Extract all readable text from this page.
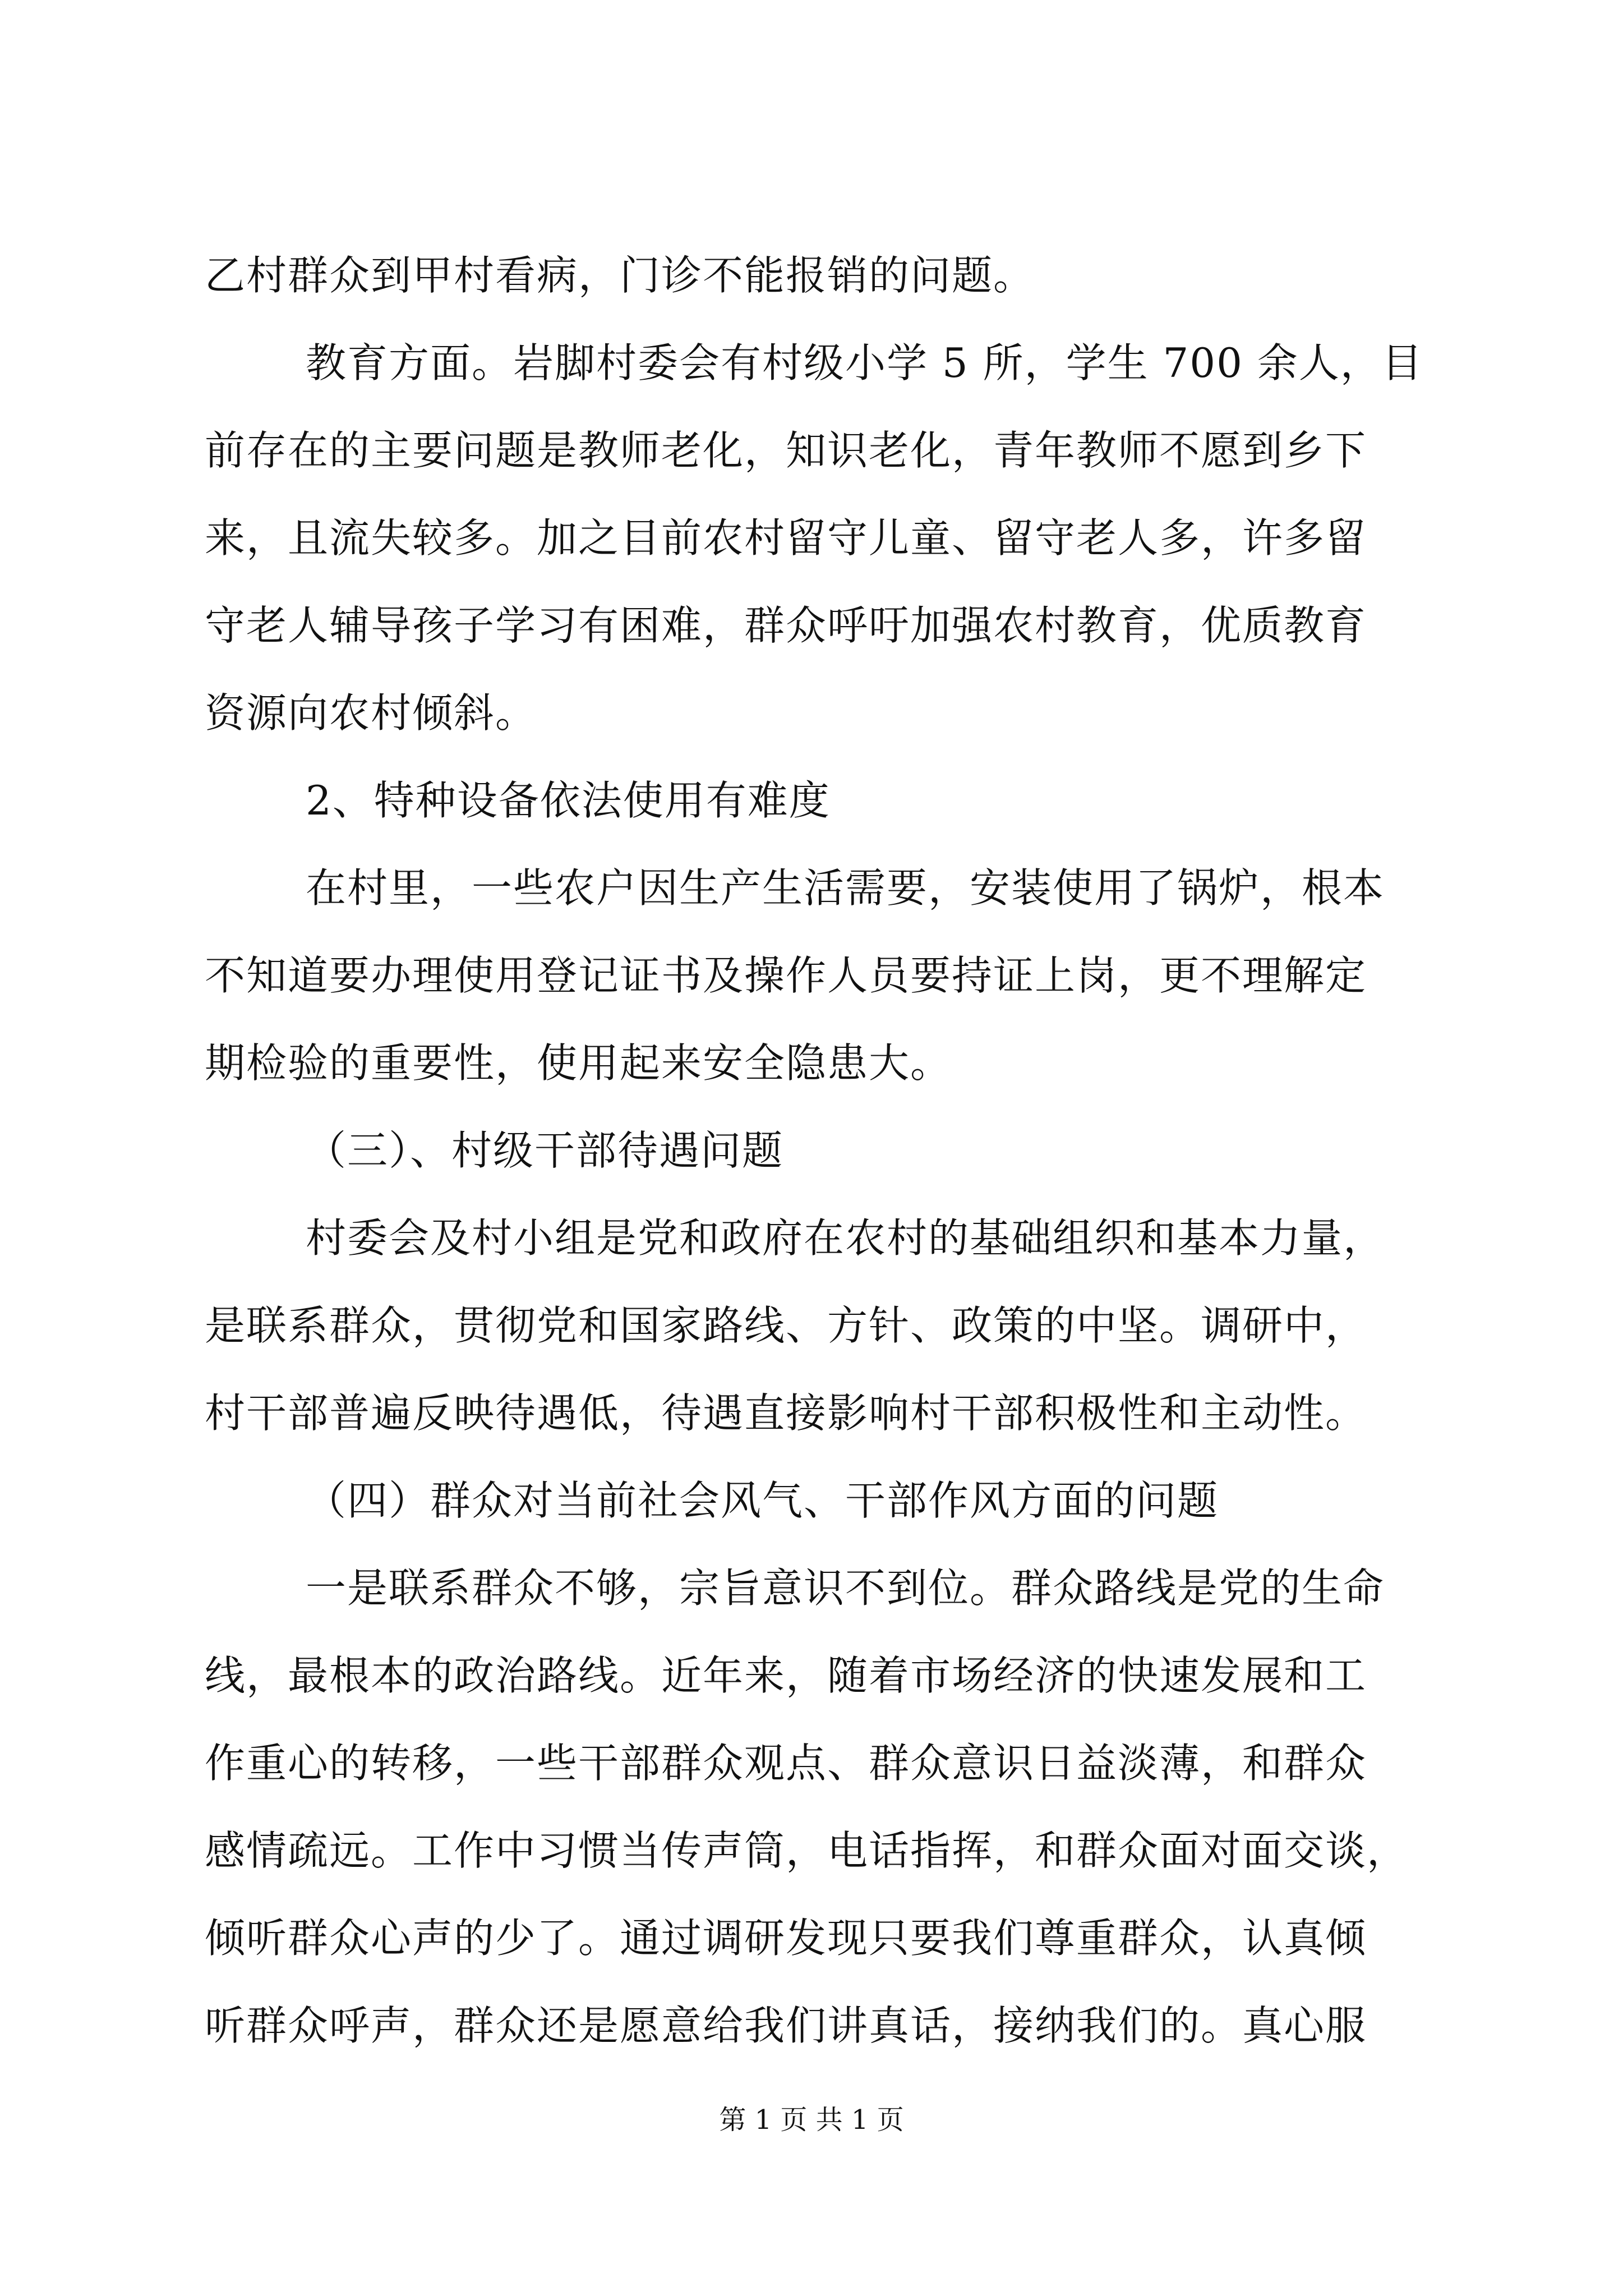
乙村群众到甲村看病，门诊不能报销的问题。
教育方面。岩脚村委会有村级小学 5 所，学生 700 余人，目
前存在的主要问题是教师老化，知识老化，青年教师不愿到乡下
来，且流失较多。加之目前农村留守儿童、留守老人多，许多留
守老人辅导孩子学习有困难，群众呼吁加强农村教育，优质教育
资源向农村倾斜。
2、特种设备依法使用有难度
在村里，一些农户因生产生活需要，安装使用了锅炉，根本
不知道要办理使用登记证书及操作人员要持证上岗，更不理解定
期检验的重要性，使用起来安全隐患大。
（三）、村级干部待遇问题
村委会及村小组是党和政府在农村的基础组织和基本力量，
是联系群众，贯彻党和国家路线、方针、政策的中坚。调研中，
村干部普遍反映待遇低，待遇直接影响村干部积极性和主动性。
（四）群众对当前社会风气、干部作风方面的问题
一是联系群众不够，宗旨意识不到位。群众路线是党的生命
线，最根本的政治路线。近年来，随着市场经济的快速发展和工
作重心的转移，一些干部群众观点、群众意识日益淡薄，和群众
感情疏远。工作中习惯当传声筒，电话指挥，和群众面对面交谈，
倾听群众心声的少了。通过调研发现只要我们尊重群众，认真倾
听群众呼声，群众还是愿意给我们讲真话，接纳我们的。真心服
第 1 页 共 1 页
